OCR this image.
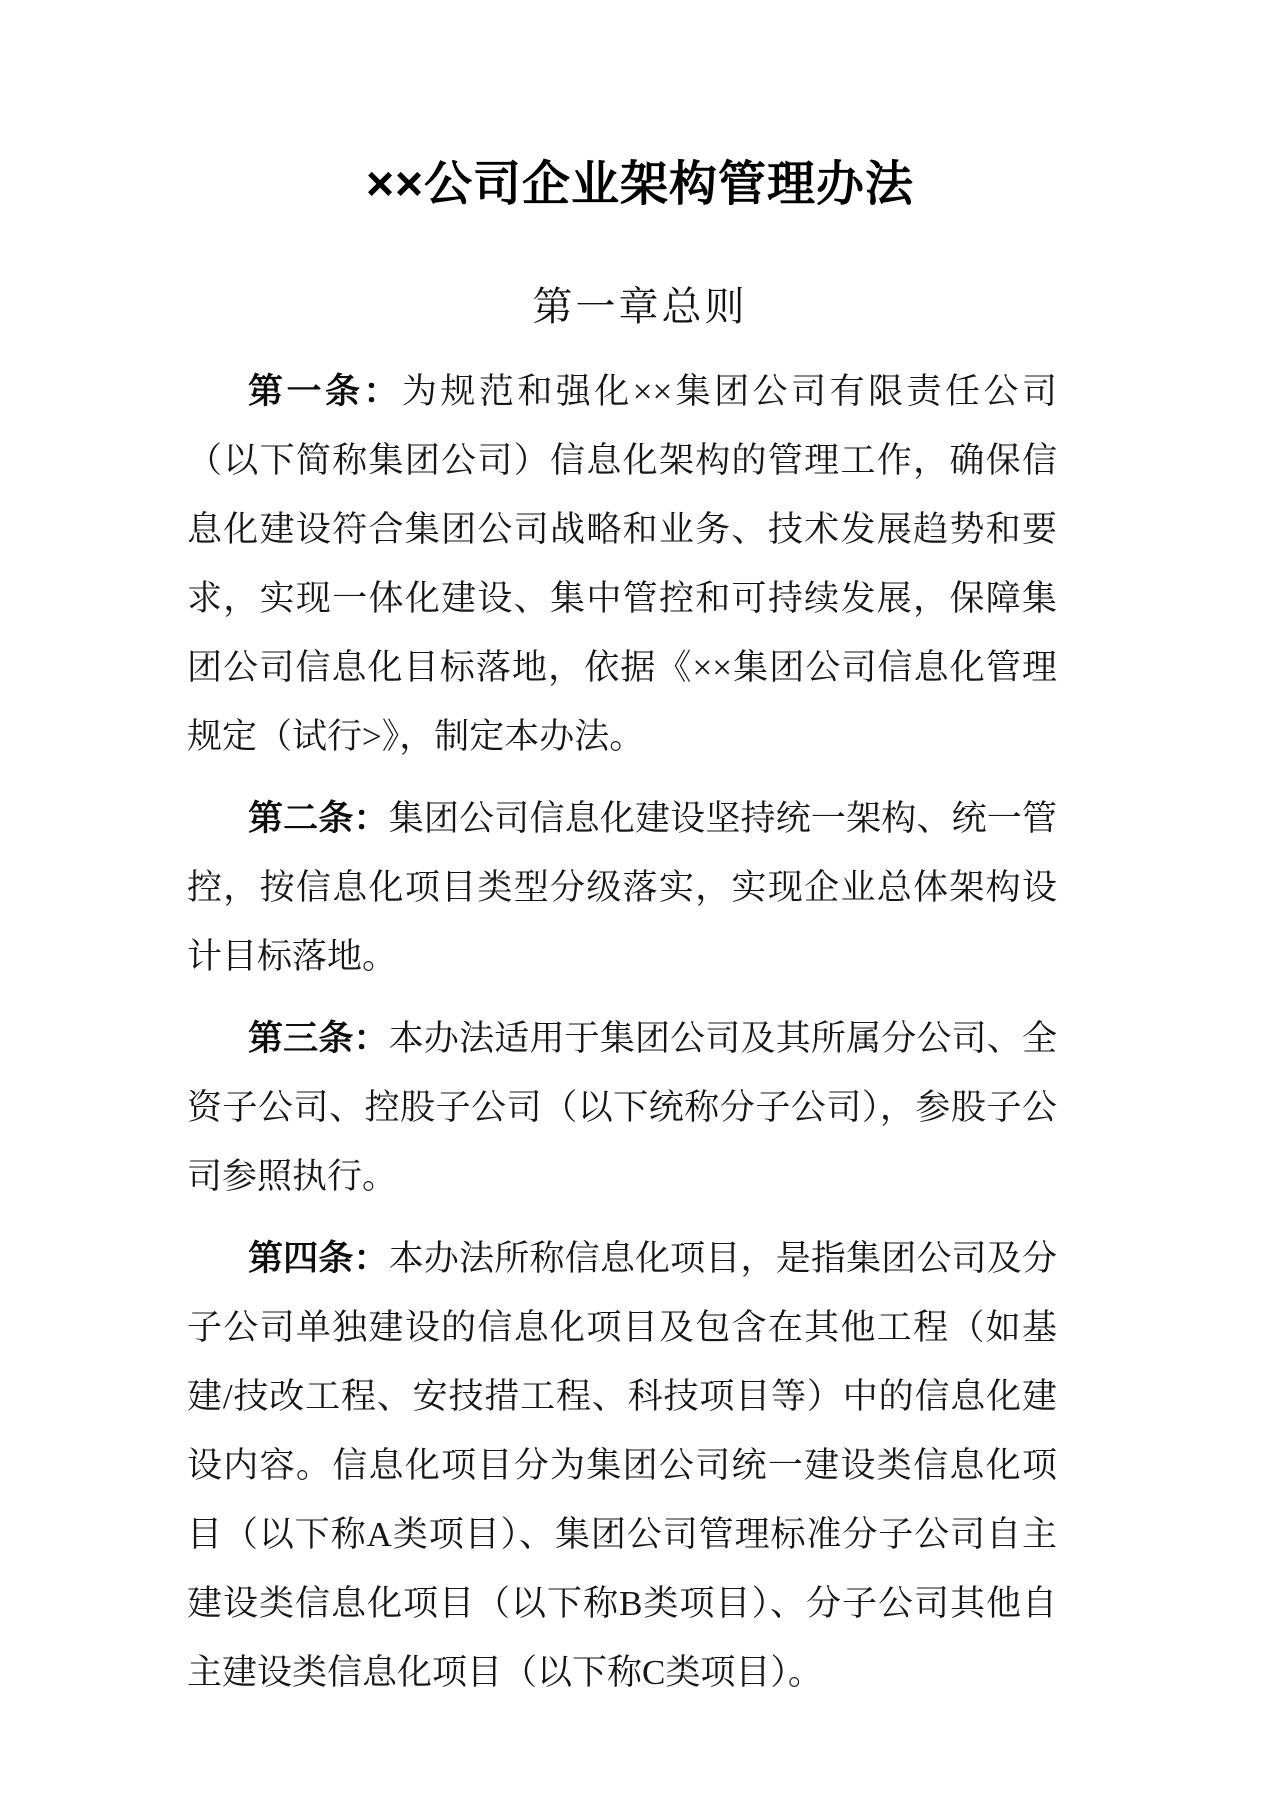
××公司企业架构管理办法
第一章总则

第一条：为规范和强化××集团公司有限责任公司（以下简称集团公司）信息化架构的管理工作，确保信息化建设符合集团公司战略和业务、技术发展趋势和要求，实现一体化建设、集中管控和可持续发展，保障集团公司信息化目标落地，依据《××集团公司信息化管理规定（试行>》，制定本办法。

第二条：集团公司信息化建设坚持统一架构、统一管控，按信息化项目类型分级落实，实现企业总体架构设计目标落地。

第三条：本办法适用于集团公司及其所属分公司、全资子公司、控股子公司（以下统称分子公司），参股子公司参照执行。

第四条：本办法所称信息化项目，是指集团公司及分子公司单独建设的信息化项目及包含在其他工程（如基建/技改工程、安技措工程、科技项目等）中的信息化建设内容。信息化项目分为集团公司统一建设类信息化项目（以下称A类项目）、集团公司管理标准分子公司自主建设类信息化项目（以下称B类项目）、分子公司其他自主建设类信息化项目（以下称C类项目）。
